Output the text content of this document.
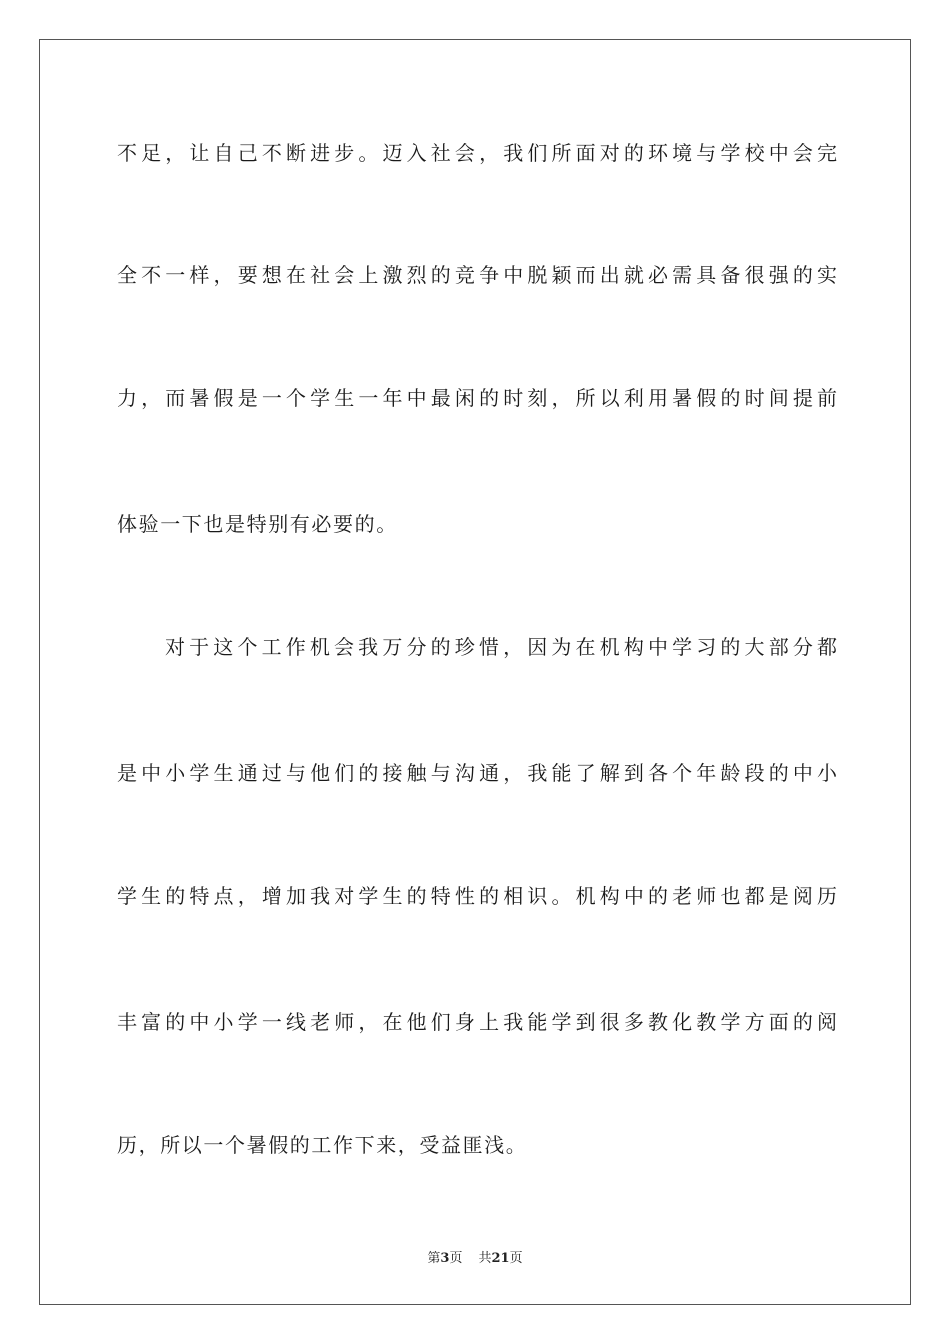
不足，让自己不断进步。迈入社会，我们所面对的环境与学校中会完
全不一样，要想在社会上激烈的竞争中脱颖而出就必需具备很强的实
力，而暑假是一个学生一年中最闲的时刻，所以利用暑假的时间提前
体验一下也是特别有必要的。
对于这个工作机会我万分的珍惜，因为在机构中学习的大部分都
是中小学生通过与他们的接触与沟通，我能了解到各个年龄段的中小
学生的特点，增加我对学生的特性的相识。机构中的老师也都是阅历
丰富的中小学一线老师，在他们身上我能学到很多教化教学方面的阅
历，所以一个暑假的工作下来，受益匪浅。
第3页 共21页
